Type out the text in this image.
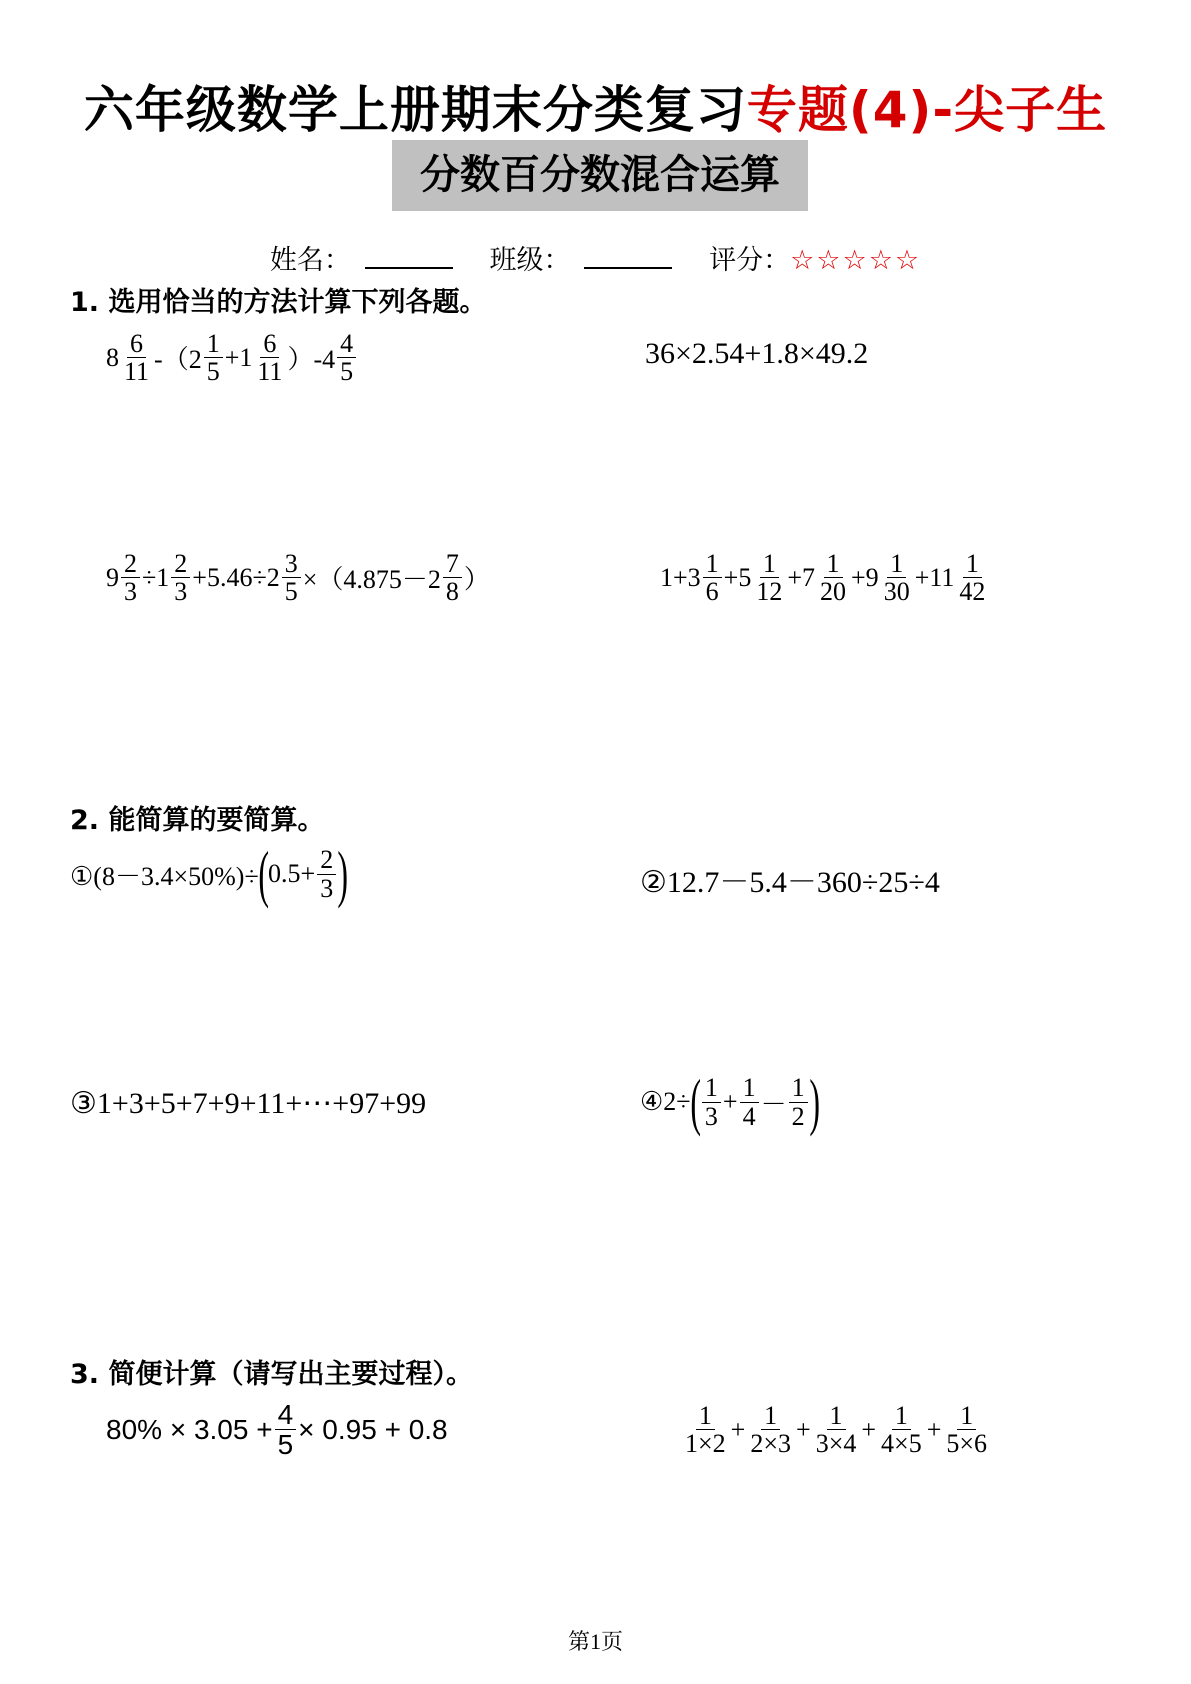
六年级数学上册期末分类复习专题(4)-尖子生
分数百分数混合运算
姓名：	班级：	评分：☆☆☆☆☆
1. 选用恰当的方法计算下列各题。
$8 \frac{6}{11} -(2 \frac{1}{5} +1 \frac{6}{11} )-4 \frac{4}{5}$	36×2.54+1.8×49.2
$9 \frac{2}{3} \div 1 \frac{2}{3} +5.46\div 2 \frac{3}{5} \times(4.875-2 \frac{7}{8}$ ）	$1+3 \frac{1}{6} +5 \frac{1}{12} +7 \frac{1}{20} +9 \frac{1}{30} +11 \frac{1}{42}$
2. 能简算的要简算。
①(8－3.4×50%)÷ ( $0.5+ \frac{2}{3}$ )	②12.7－5.4－360÷25÷4
③1+3+5+7+9+11+⋯+97+99	④2÷ ( $\frac{1}{3} + \frac{1}{4} - \frac{1}{2}$ )
3. 简便计算（请写出主要过程）。
$80\% \times 3.05 + \frac{4}{5} \times 0.95 + 0.8$	$\frac{1}{1\times 2} + \frac{1}{2\times 3} + \frac{1}{3\times 4} + \frac{1}{4\times 5} + \frac{1}{5\times 6}$
第1页
